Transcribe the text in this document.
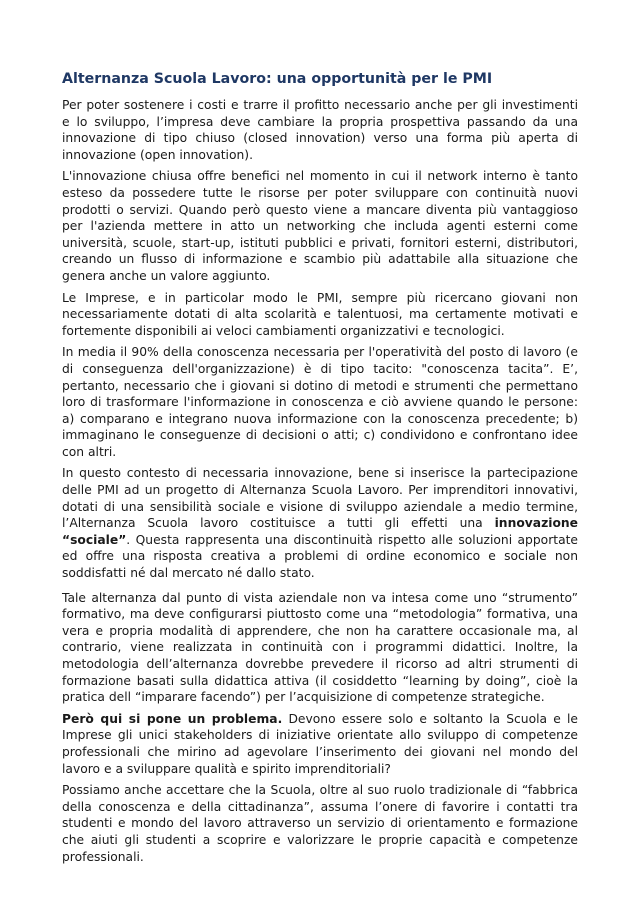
Alternanza Scuola Lavoro: una opportunità per le PMI

Per poter sostenere i costi e trarre il profitto necessario anche per gli investimenti e lo sviluppo, l’impresa deve cambiare la propria prospettiva passando da una innovazione di tipo chiuso (closed innovation) verso una forma più aperta di innovazione (open innovation).

L'innovazione chiusa offre benefici nel momento in cui il network interno è tanto esteso da possedere tutte le risorse per poter sviluppare con continuità nuovi prodotti o servizi. Quando però questo viene a mancare diventa più vantaggioso per l'azienda mettere in atto un networking che includa agenti esterni come università, scuole, start-up, istituti pubblici e privati, fornitori esterni, distributori, creando un flusso di informazione e scambio più adattabile alla situazione che genera anche un valore aggiunto.

Le Imprese, e in particolar modo le PMI, sempre più ricercano giovani non necessariamente dotati di alta scolarità e talentuosi, ma certamente motivati e fortemente disponibili ai veloci cambiamenti organizzativi e tecnologici.

In media il 90% della conoscenza necessaria per l'operatività del posto di lavoro (e di conseguenza dell'organizzazione) è di tipo tacito: "conoscenza tacita”. E’, pertanto, necessario che i giovani si dotino di metodi e strumenti che permettano loro di trasformare l'informazione in conoscenza e ciò avviene quando le persone: a) comparano e integrano nuova informazione con la conoscenza precedente; b) immaginano le conseguenze di decisioni o atti; c) condividono e confrontano idee con altri.

In questo contesto di necessaria innovazione, bene si inserisce la partecipazione delle PMI ad un progetto di Alternanza Scuola Lavoro. Per imprenditori innovativi, dotati di una sensibilità sociale e visione di sviluppo aziendale a medio termine, l’Alternanza Scuola lavoro costituisce a tutti gli effetti una innovazione “sociale”. Questa rappresenta una discontinuità rispetto alle soluzioni apportate ed offre una risposta creativa a problemi di ordine economico e sociale non soddisfatti né dal mercato né dallo stato.

Tale alternanza dal punto di vista aziendale non va intesa come uno “strumento” formativo, ma deve configurarsi piuttosto come una “metodologia” formativa, una vera e propria modalità di apprendere, che non ha carattere occasionale ma, al contrario, viene realizzata in continuità con i programmi didattici. Inoltre, la metodologia dell’alternanza dovrebbe prevedere il ricorso ad altri strumenti di formazione basati sulla didattica attiva (il cosiddetto “learning by doing”, cioè la pratica dell “imparare facendo”) per l’acquisizione di competenze strategiche.

Però qui si pone un problema. Devono essere solo e soltanto la Scuola e le Imprese gli unici stakeholders di iniziative orientate allo sviluppo di competenze professionali che mirino ad agevolare l’inserimento dei giovani nel mondo del lavoro e a sviluppare qualità e spirito imprenditoriali?

Possiamo anche accettare che la Scuola, oltre al suo ruolo tradizionale di “fabbrica della conoscenza e della cittadinanza”, assuma l’onere di favorire i contatti tra studenti e mondo del lavoro attraverso un servizio di orientamento e formazione che aiuti gli studenti a scoprire e valorizzare le proprie capacità e competenze professionali.
